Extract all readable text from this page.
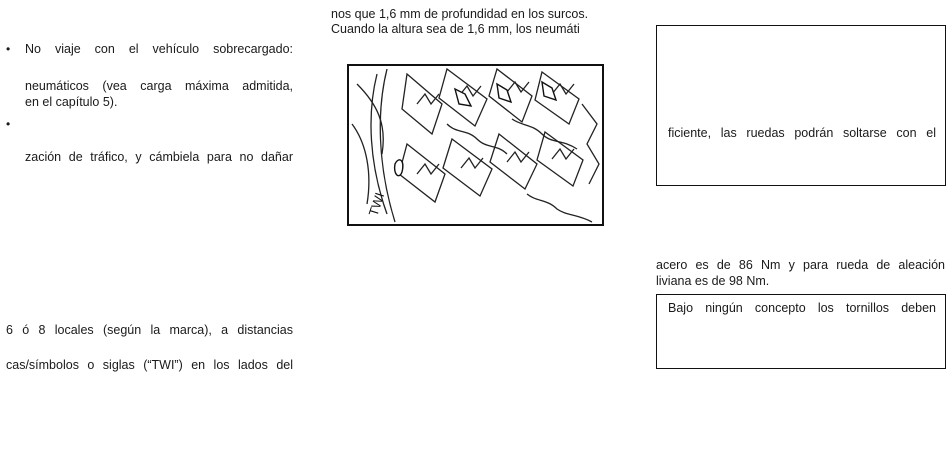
• No viaje con el vehículo sobrecargado:
neumáticos (vea carga máxima admitida,
en el capítulo 5).
•
zación de tráfico, y cámbiela para no dañar
6 ó 8 locales (según la marca), a distancias
cas/símbolos o siglas (“TWI”) en los lados del
nos que 1,6 mm de profundidad en los surcos.
Cuando la altura sea de 1,6 mm, los neumáti
TWI
ficiente, las ruedas podrán soltarse con el
acero es de 86 Nm y para rueda de aleación
liviana es de 98 Nm.
Bajo ningún concepto los tornillos deben
